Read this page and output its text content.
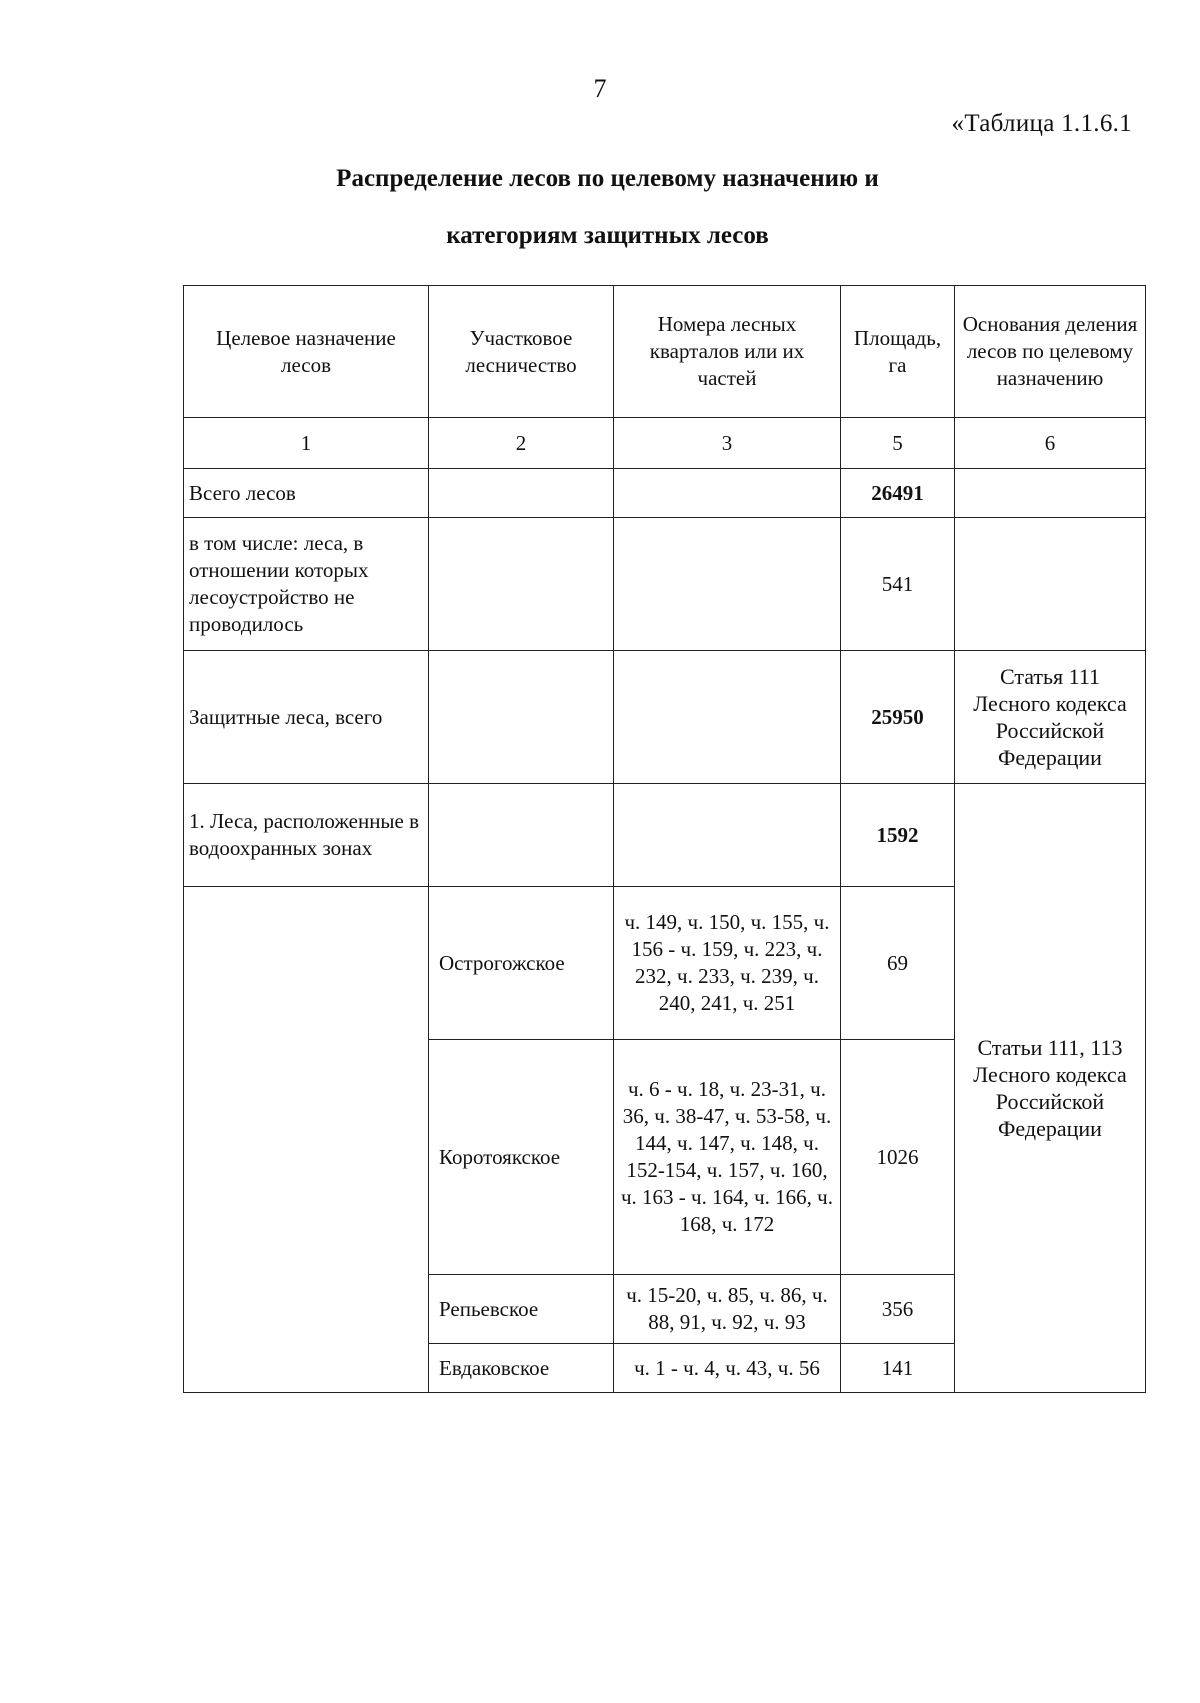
7
«Таблица 1.1.6.1
Распределение лесов по целевому назначению и
категориям защитных лесов
Целевое назначение лесов	Участковое лесничество	Номера лесных кварталов или их частей	Площадь, га	Основания деления лесов по целевому назначению
1	2	3	5	6
Всего лесов			26491	
в том числе: леса, в отношении которых лесоустройство не проводилось			541	
Защитные леса, всего			25950	Статья 111 Лесного кодекса Российской Федерации
1. Леса, расположенные в водоохранных зонах			1592	Статьи 111, 113 Лесного кодекса Российской Федерации
	Острогожское	ч. 149, ч. 150, ч. 155, ч. 156 - ч. 159, ч. 223, ч. 232, ч. 233, ч. 239, ч. 240, 241, ч. 251	69	
	Коротоякское	ч. 6 - ч. 18, ч. 23-31, ч. 36, ч. 38-47, ч. 53-58, ч. 144, ч. 147, ч. 148, ч. 152-154, ч. 157, ч. 160, ч. 163 - ч. 164, ч. 166, ч. 168, ч. 172	1026	
	Репьевское	ч. 15-20, ч. 85, ч. 86, ч. 88, 91, ч. 92, ч. 93	356	
	Евдаковское	ч. 1 - ч. 4, ч. 43, ч. 56	141	
